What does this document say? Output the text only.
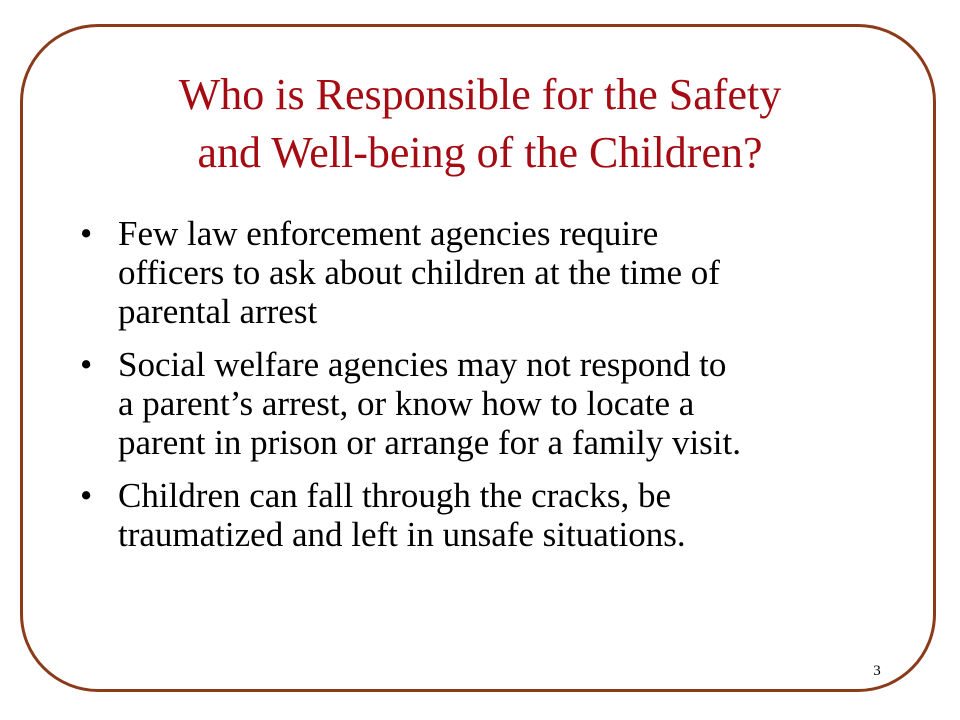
Who is Responsible for the Safety
and Well-being of the Children?
• Few law enforcement agencies require
officers to ask about children at the time of
parental arrest
• Social welfare agencies may not respond to
a parent’s arrest, or know how to locate a
parent in prison or arrange for a family visit.
• Children can fall through the cracks, be
traumatized and left in unsafe situations.
3
